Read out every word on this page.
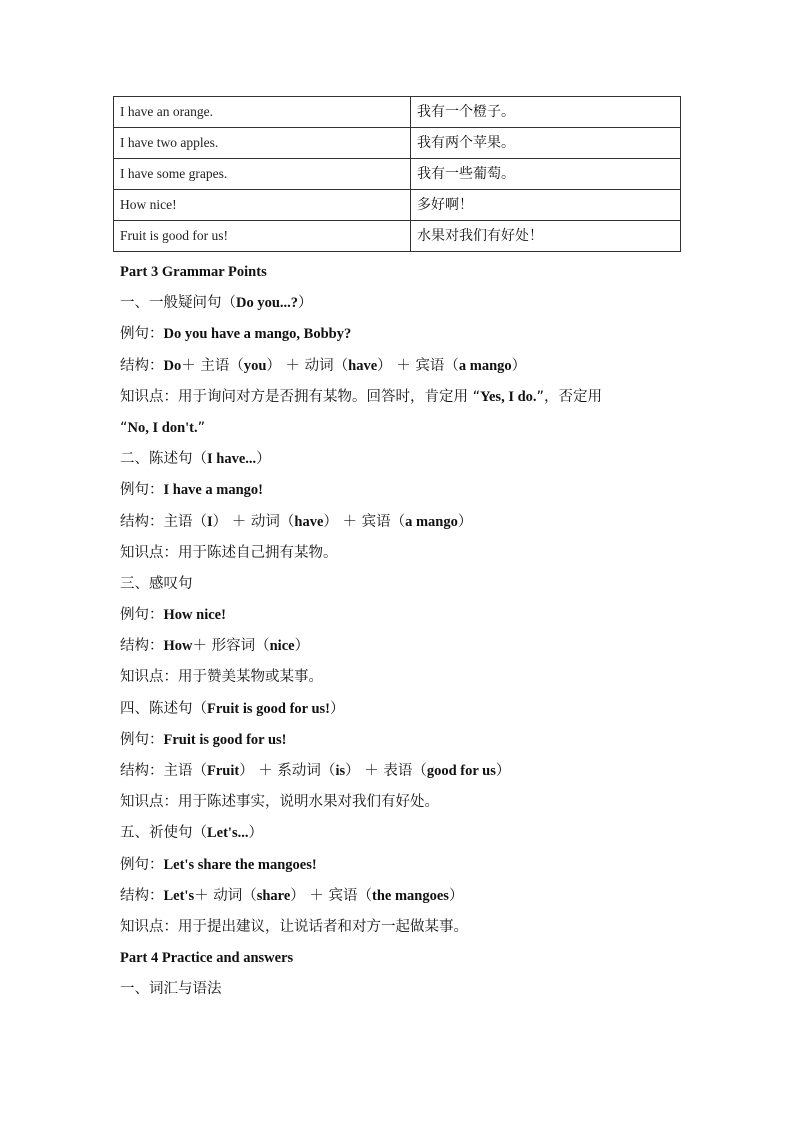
I have an orange.	我有一个橙子。
I have two apples.	我有两个苹果。
I have some grapes.	我有一些葡萄。
How nice!	多好啊！
Fruit is good for us!	水果对我们有好处！
Part 3 Grammar Points
一、一般疑问句（Do you...?）
例句：Do you have a mango, Bobby?
结构：Do＋ 主语（you） ＋ 动词（have） ＋ 宾语（a mango）
知识点：用于询问对方是否拥有某物。回答时，肯定用 “Yes, I do.”，否定用
“No, I don't.”
二、陈述句（I have...）
例句：I have a mango!
结构：主语（I） ＋ 动词（have） ＋ 宾语（a mango）
知识点：用于陈述自己拥有某物。
三、感叹句
例句：How nice!
结构：How＋ 形容词（nice）
知识点：用于赞美某物或某事。
四、陈述句（Fruit is good for us!）
例句：Fruit is good for us!
结构：主语（Fruit） ＋ 系动词（is） ＋ 表语（good for us）
知识点：用于陈述事实，说明水果对我们有好处。
五、祈使句（Let's...）
例句：Let's share the mangoes!
结构：Let's＋ 动词（share） ＋ 宾语（the mangoes）
知识点：用于提出建议，让说话者和对方一起做某事。
Part 4 Practice and answers
一、词汇与语法
